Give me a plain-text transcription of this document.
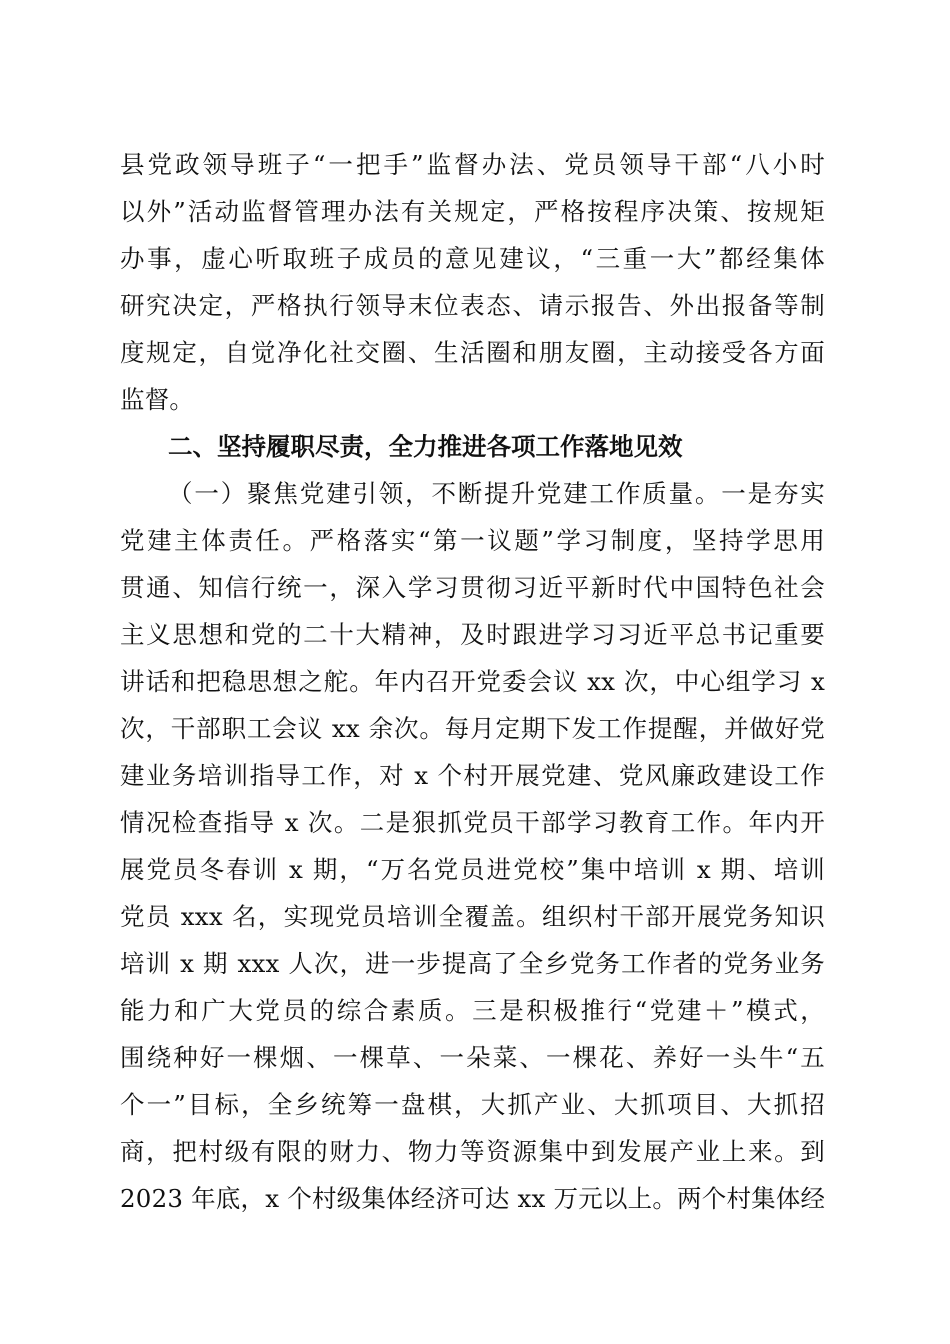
县党政领导班子“一把手”监督办法、党员领导干部“八小时
以外”活动监督管理办法有关规定，严格按程序决策、按规矩
办事，虚心听取班子成员的意见建议，“三重一大”都经集体
研究决定，严格执行领导末位表态、请示报告、外出报备等制
度规定，自觉净化社交圈、生活圈和朋友圈，主动接受各方面
监督。
二、坚持履职尽责，全力推进各项工作落地见效
（一）聚焦党建引领，不断提升党建工作质量。一是夯实
党建主体责任。严格落实“第一议题”学习制度，坚持学思用
贯通、知信行统一，深入学习贯彻习近平新时代中国特色社会
主义思想和党的二十大精神，及时跟进学习习近平总书记重要
讲话和把稳思想之舵。年内召开党委会议 xx 次，中心组学习 x
次，干部职工会议 xx 余次。每月定期下发工作提醒，并做好党
建业务培训指导工作，对 x 个村开展党建、党风廉政建设工作
情况检查指导 x 次。二是狠抓党员干部学习教育工作。年内开
展党员冬春训 x 期，“万名党员进党校”集中培训 x 期、培训
党员 xxx 名，实现党员培训全覆盖。组织村干部开展党务知识
培训 x 期 xxx 人次，进一步提高了全乡党务工作者的党务业务
能力和广大党员的综合素质。三是积极推行“党建＋”模式，
围绕种好一棵烟、一棵草、一朵菜、一棵花、养好一头牛“五
个一”目标，全乡统筹一盘棋，大抓产业、大抓项目、大抓招
商，把村级有限的财力、物力等资源集中到发展产业上来。到
2023 年底，x 个村级集体经济可达 xx 万元以上。两个村集体经
